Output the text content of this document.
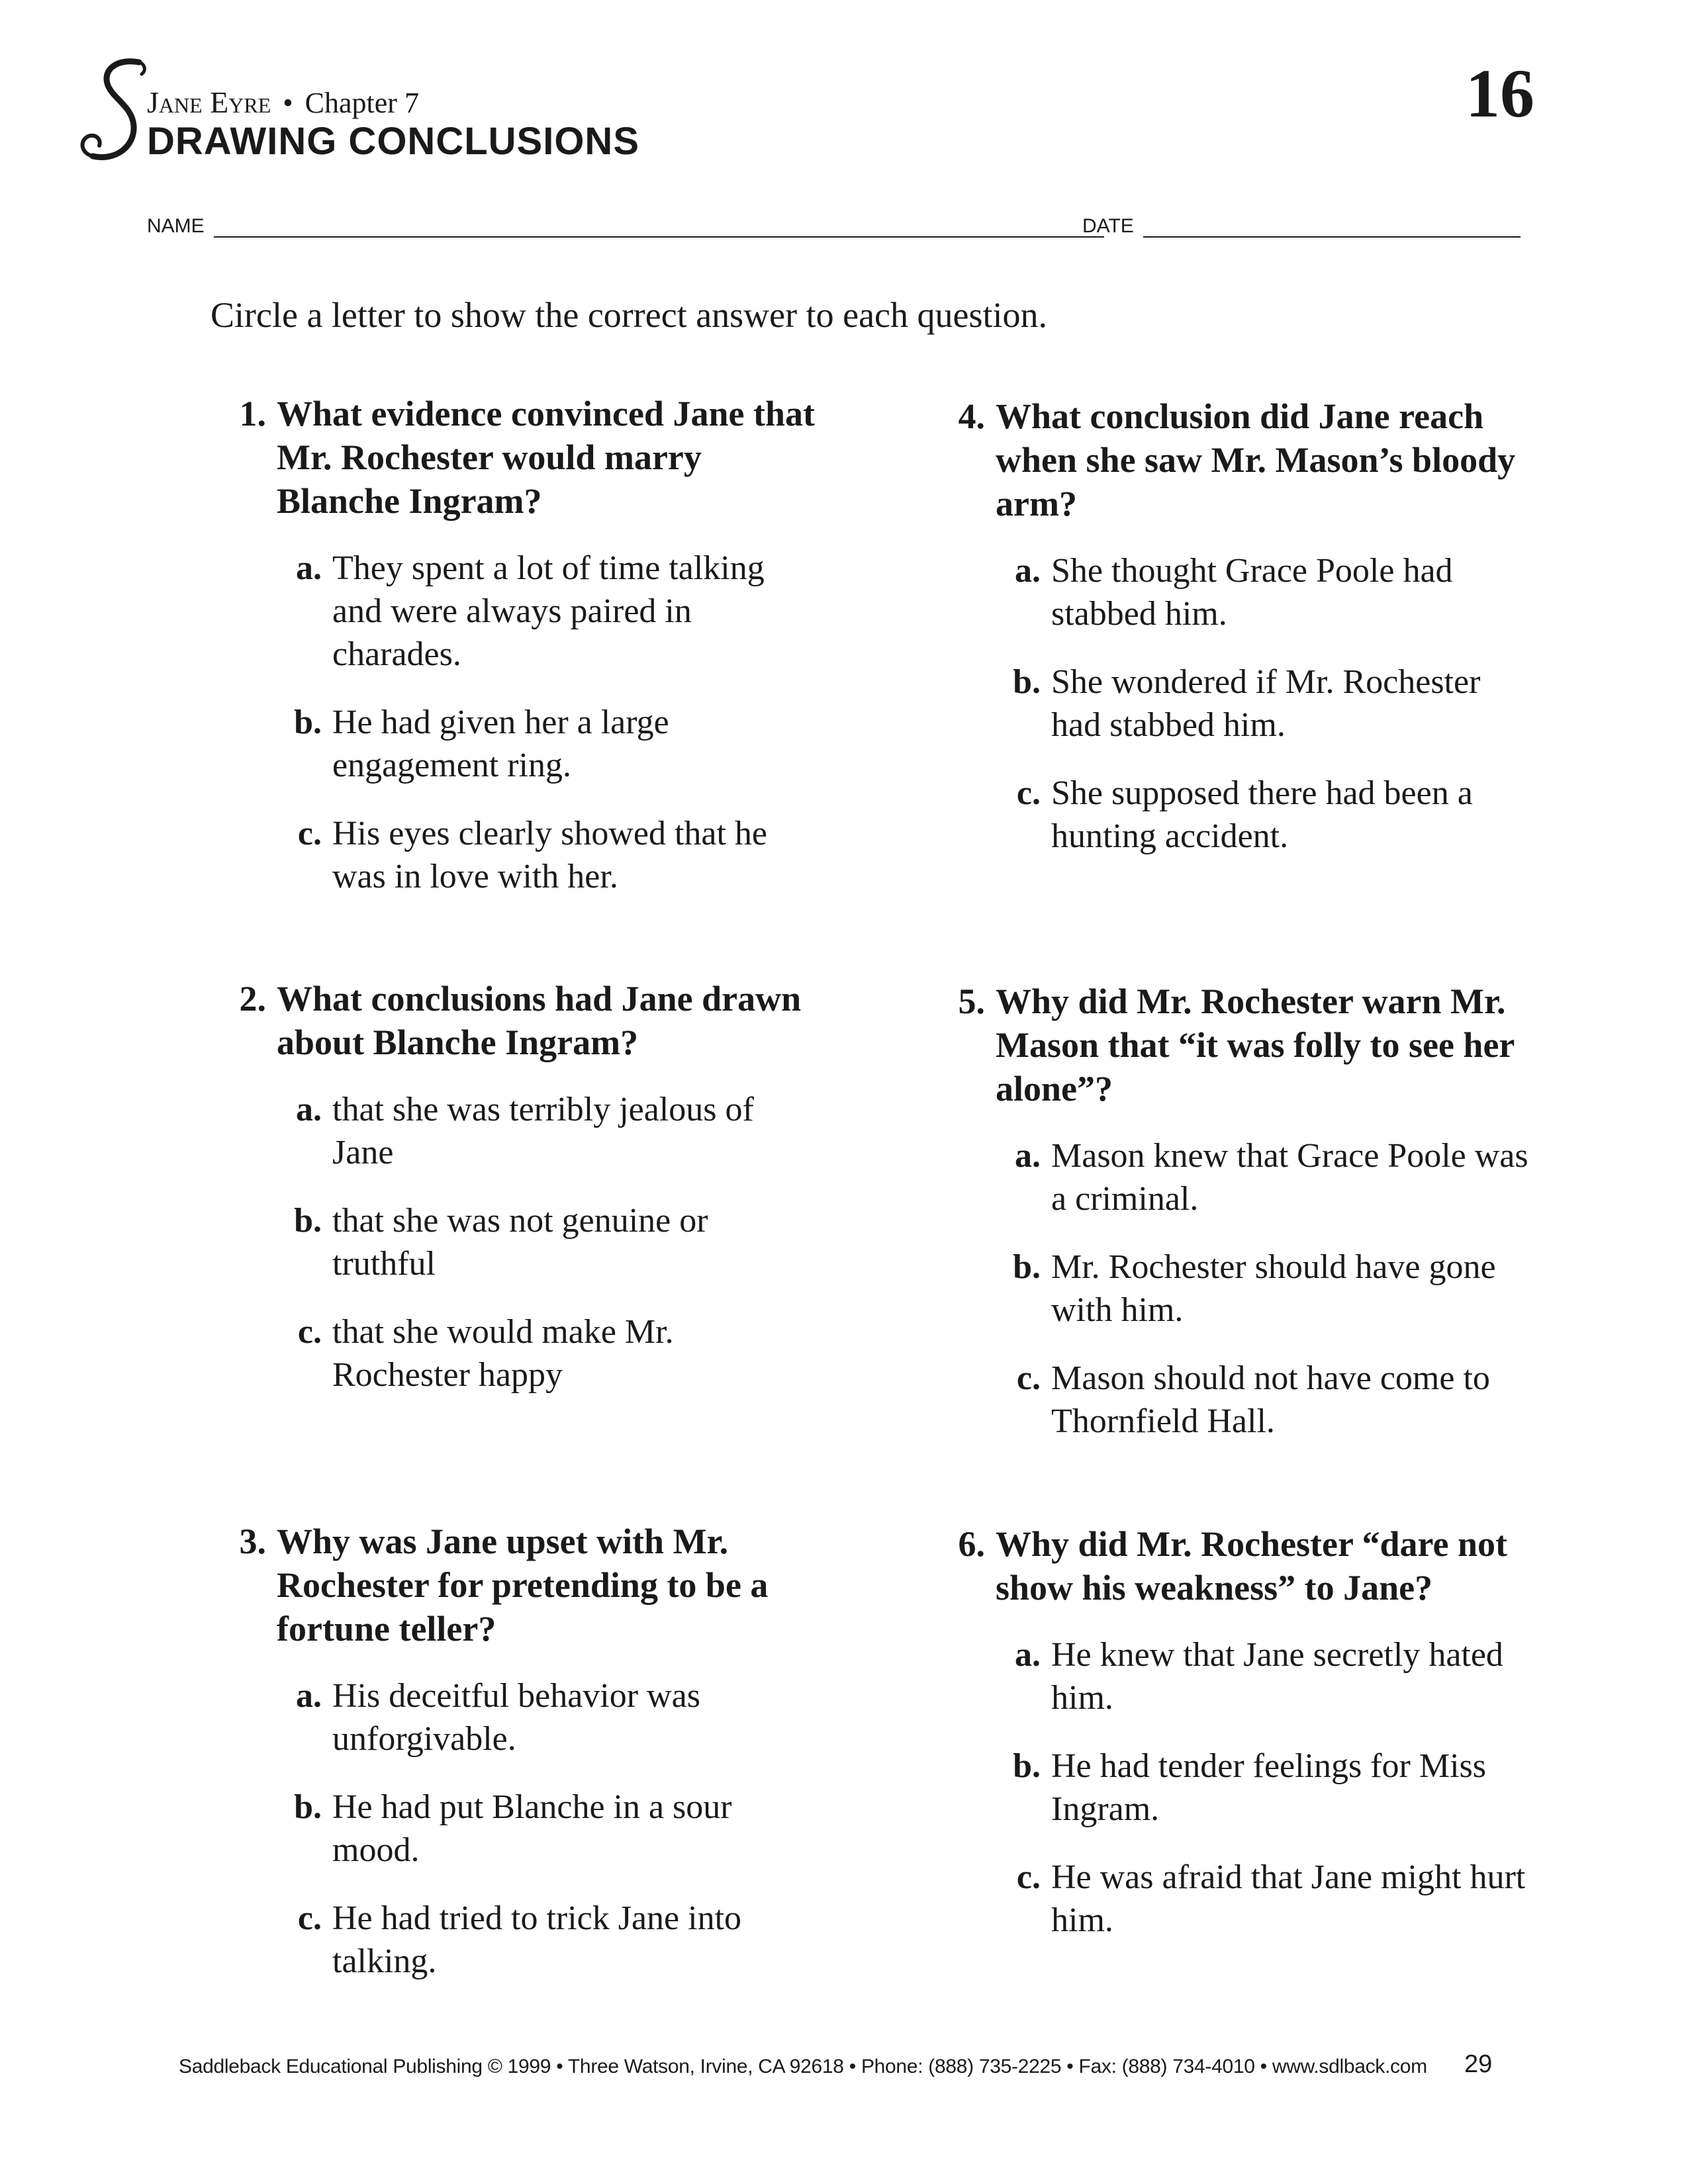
Jane Eyre • Chapter 7
DRAWING CONCLUSIONS
16
NAME	DATE
Circle a letter to show the correct answer to each question.
1. What evidence convinced Jane that Mr. Rochester would marry Blanche Ingram?
a. They spent a lot of time talking and were always paired in charades.
b. He had given her a large engagement ring.
c. His eyes clearly showed that he was in love with her.
2. What conclusions had Jane drawn about Blanche Ingram?
a. that she was terribly jealous of Jane
b. that she was not genuine or truthful
c. that she would make Mr. Rochester happy
3. Why was Jane upset with Mr. Rochester for pretending to be a fortune teller?
a. His deceitful behavior was unforgivable.
b. He had put Blanche in a sour mood.
c. He had tried to trick Jane into talking.
4. What conclusion did Jane reach when she saw Mr. Mason’s bloody arm?
a. She thought Grace Poole had stabbed him.
b. She wondered if Mr. Rochester had stabbed him.
c. She supposed there had been a hunting accident.
5. Why did Mr. Rochester warn Mr. Mason that “it was folly to see her alone”?
a. Mason knew that Grace Poole was a criminal.
b. Mr. Rochester should have gone with him.
c. Mason should not have come to Thornfield Hall.
6. Why did Mr. Rochester “dare not show his weakness” to Jane?
a. He knew that Jane secretly hated him.
b. He had tender feelings for Miss Ingram.
c. He was afraid that Jane might hurt him.
Saddleback Educational Publishing © 1999 • Three Watson, Irvine, CA 92618 • Phone: (888) 735-2225 • Fax: (888) 734-4010 • www.sdlback.com 29
